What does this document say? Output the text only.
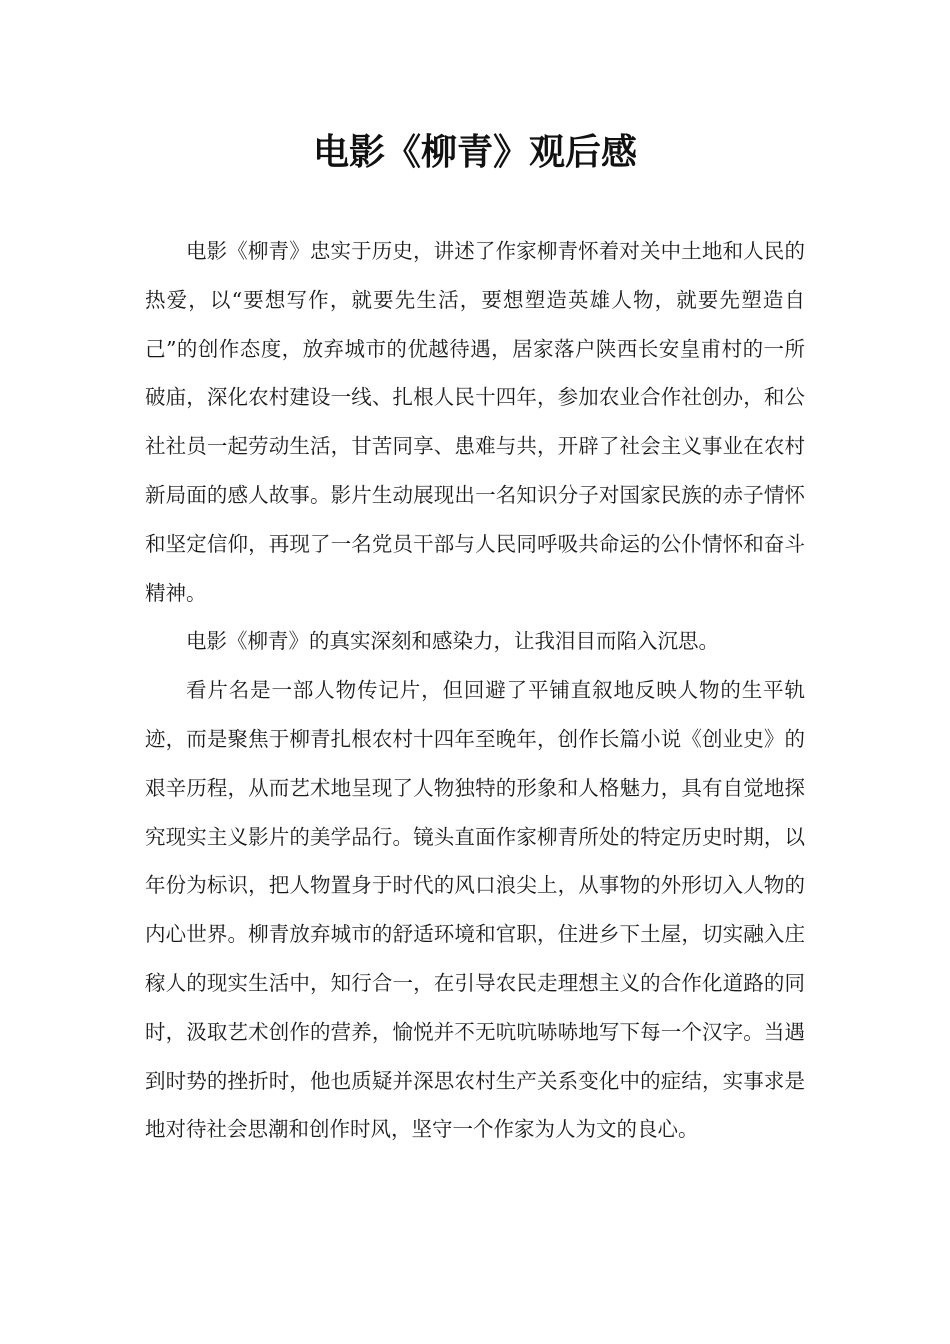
电影《柳青》观后感

电影《柳青》忠实于历史，讲述了作家柳青怀着对关中土地和人民的热爱，以“要想写作，就要先生活，要想塑造英雄人物，就要先塑造自己”的创作态度，放弃城市的优越待遇，居家落户陕西长安皇甫村的一所破庙，深化农村建设一线、扎根人民十四年，参加农业合作社创办，和公社社员一起劳动生活，甘苦同享、患难与共，开辟了社会主义事业在农村新局面的感人故事。影片生动展现出一名知识分子对国家民族的赤子情怀和坚定信仰，再现了一名党员干部与人民同呼吸共命运的公仆情怀和奋斗精神。

电影《柳青》的真实深刻和感染力，让我泪目而陷入沉思。

看片名是一部人物传记片，但回避了平铺直叙地反映人物的生平轨迹，而是聚焦于柳青扎根农村十四年至晚年，创作长篇小说《创业史》的艰辛历程，从而艺术地呈现了人物独特的形象和人格魅力，具有自觉地探究现实主义影片的美学品行。镜头直面作家柳青所处的特定历史时期，以年份为标识，把人物置身于时代的风口浪尖上，从事物的外形切入人物的内心世界。柳青放弃城市的舒适环境和官职，住进乡下土屋，切实融入庄稼人的现实生活中，知行合一，在引导农民走理想主义的合作化道路的同时，汲取艺术创作的营养，愉悦并不无吭吭哧哧地写下每一个汉字。当遇到时势的挫折时，他也质疑并深思农村生产关系变化中的症结，实事求是地对待社会思潮和创作时风，坚守一个作家为人为文的良心。
